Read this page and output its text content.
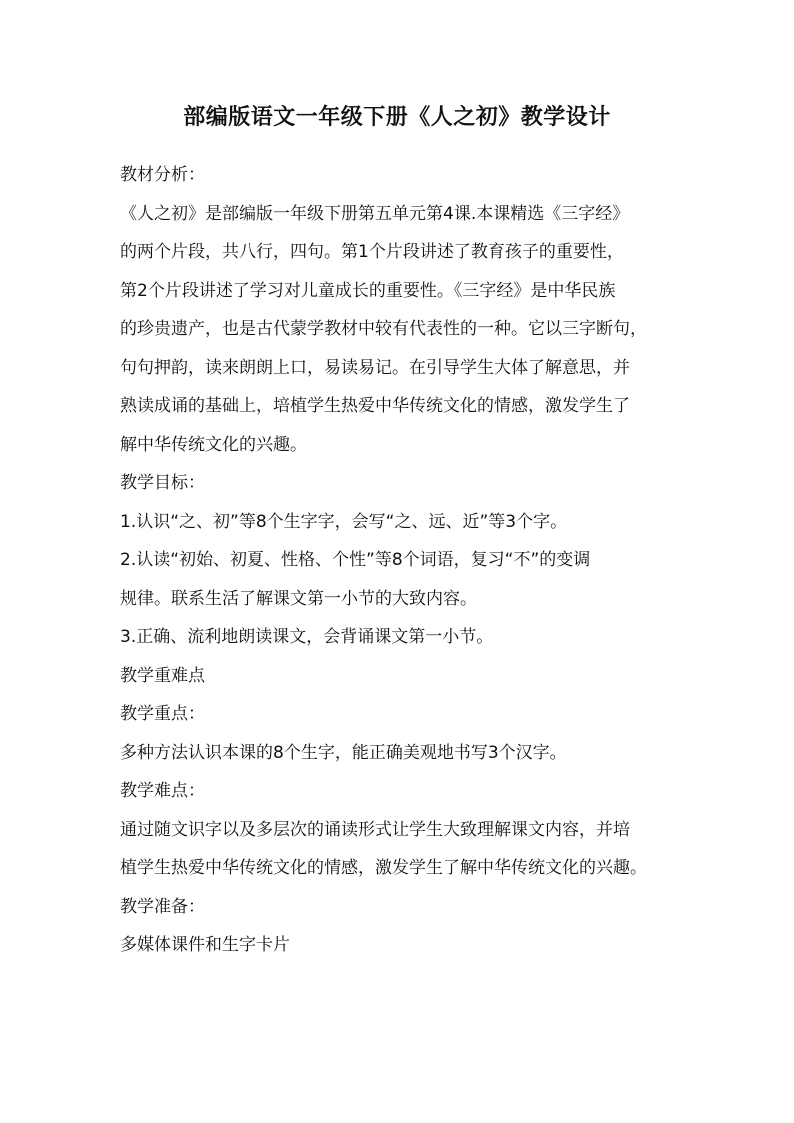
部编版语文一年级下册《人之初》教学设计
教材分析：
《人之初》是部编版一年级下册第五单元第4课.本课精选《三字经》
的两个片段，共八行，四句。第1个片段讲述了教育孩子的重要性，
第2个片段讲述了学习对儿童成长的重要性。《三字经》是中华民族
的珍贵遗产，也是古代蒙学教材中较有代表性的一种。它以三字断句，
句句押韵，读来朗朗上口，易读易记。在引导学生大体了解意思，并
熟读成诵的基础上，培植学生热爱中华传统文化的情感，激发学生了
解中华传统文化的兴趣。
教学目标：
1.认识“之、初”等8个生字字，会写“之、远、近”等3个字。
2.认读“初始、初夏、性格、个性”等8个词语，复习“不”的变调
规律。联系生活了解课文第一小节的大致内容。
3.正确、流利地朗读课文，会背诵课文第一小节。
教学重难点
教学重点：
多种方法认识本课的8个生字，能正确美观地书写3个汉字。
教学难点：
通过随文识字以及多层次的诵读形式让学生大致理解课文内容，并培
植学生热爱中华传统文化的情感，激发学生了解中华传统文化的兴趣。
教学准备：
多媒体课件和生字卡片
